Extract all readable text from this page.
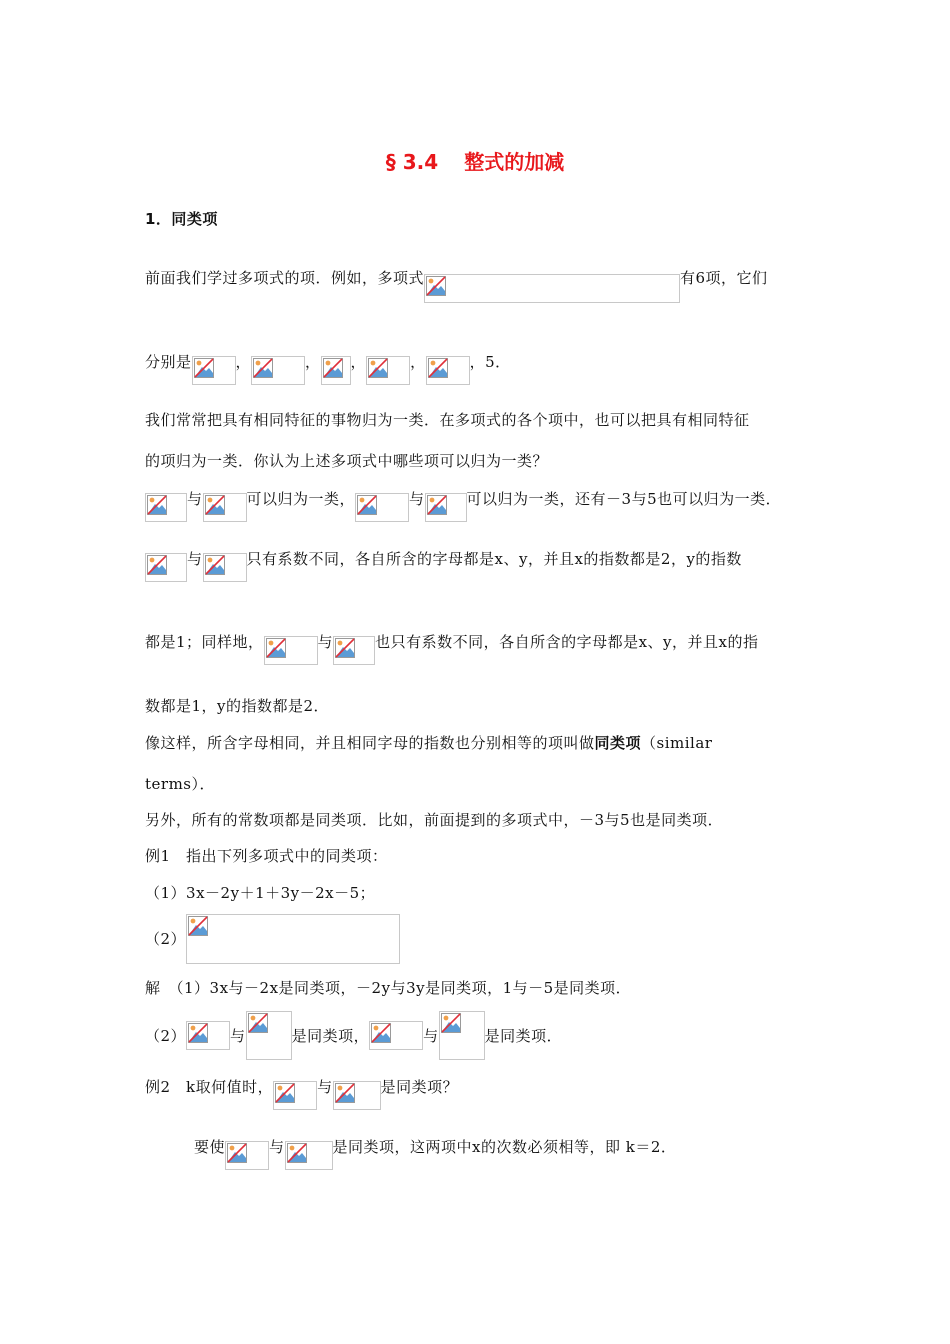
§ 3.4 整式的加减
1．同类项
前面我们学过多项式的项．例如，多项式	有6项，它们
分别是	，	， ，	，	，5．
我们常常把具有相同特征的事物归为一类．在多项式的各个项中，也可以把具有相同特征
的项归为一类．你认为上述多项式中哪些项可以归为一类？
与	可以归为一类，	与	可以归为一类，还有－3与5也可以归为一类．
与	只有系数不同，各自所含的字母都是x、y，并且x的指数都是2，y的指数
都是1；同样地，	与	也只有系数不同，各自所含的字母都是x、y，并且x的指
数都是1，y的指数都是2．
像这样，所含字母相同，并且相同字母的指数也分别相等的项叫做同类项（similar
terms）．
另外，所有的常数项都是同类项．比如，前面提到的多项式中，－3与5也是同类项．
例1　指出下列多项式中的同类项：
（1）3x－2y＋1＋3y－2x－5；
（2）
解　（1）3x与－2x是同类项，－2y与3y是同类项，1与－5是同类项．
（2）	与	是同类项，	与	是同类项．
例2　k取何值时，	与	是同类项？
要使	与	是同类项，这两项中x的次数必须相等，即 k＝2．
